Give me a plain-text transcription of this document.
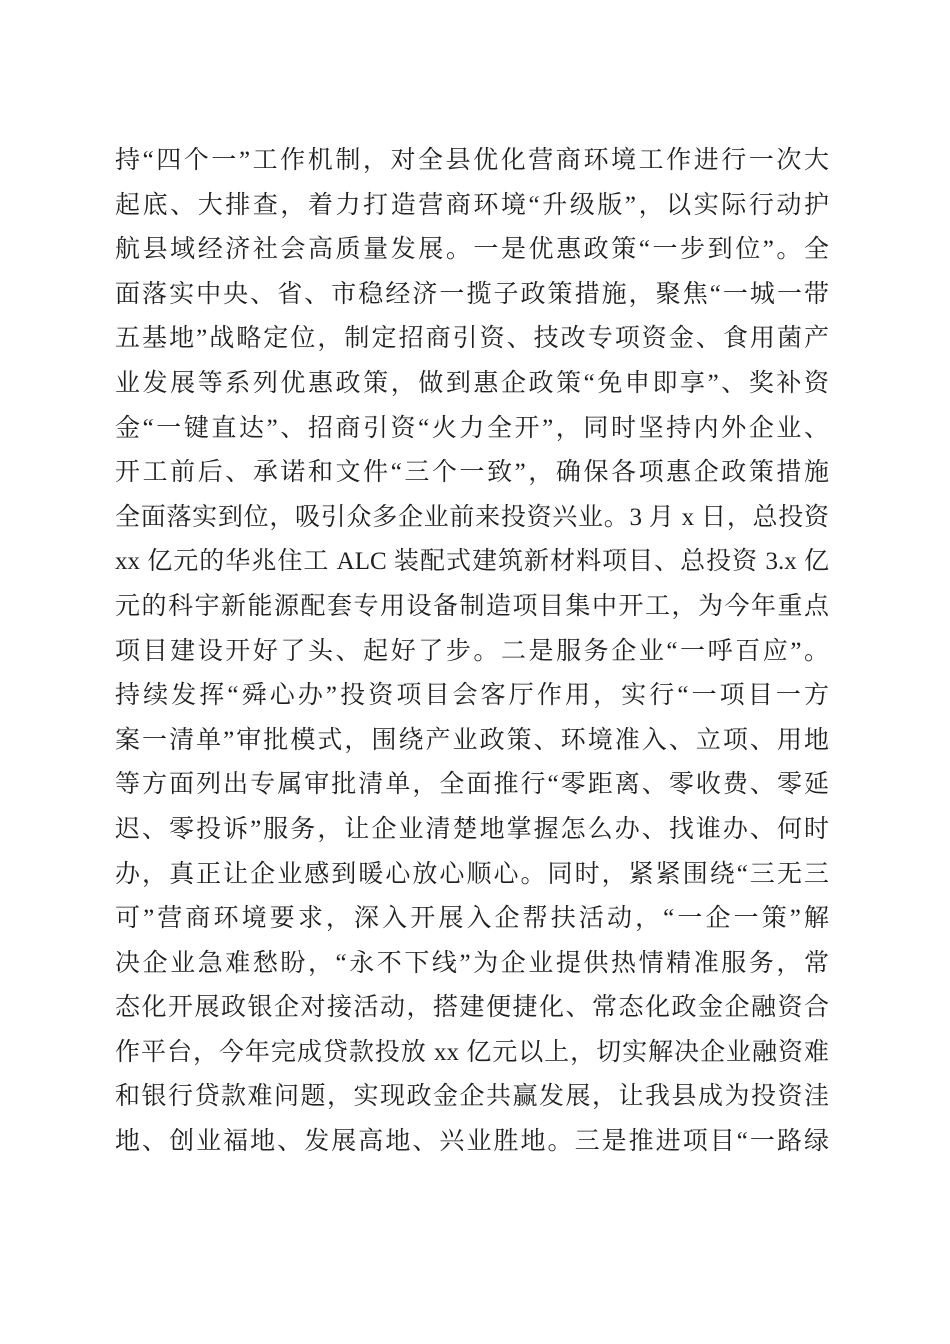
持“四个一”工作机制，对全县优化营商环境工作进行一次大
起底、大排查，着力打造营商环境“升级版”，以实际行动护
航县域经济社会高质量发展。一是优惠政策“一步到位”。全
面落实中央、省、市稳经济一揽子政策措施，聚焦“一城一带
五基地”战略定位，制定招商引资、技改专项资金、食用菌产
业发展等系列优惠政策，做到惠企政策“免申即享”、奖补资
金“一键直达”、招商引资“火力全开”，同时坚持内外企业、
开工前后、承诺和文件“三个一致”，确保各项惠企政策措施
全面落实到位，吸引众多企业前来投资兴业。3 月 x 日，总投资
xx 亿元的华兆住工 ALC 装配式建筑新材料项目、总投资 3.x 亿
元的科宇新能源配套专用设备制造项目集中开工，为今年重点
项目建设开好了头、起好了步。二是服务企业“一呼百应”。
持续发挥“舜心办”投资项目会客厅作用，实行“一项目一方
案一清单”审批模式，围绕产业政策、环境准入、立项、用地
等方面列出专属审批清单，全面推行“零距离、零收费、零延
迟、零投诉”服务，让企业清楚地掌握怎么办、找谁办、何时
办，真正让企业感到暖心放心顺心。同时，紧紧围绕“三无三
可”营商环境要求，深入开展入企帮扶活动，“一企一策”解
决企业急难愁盼，“永不下线”为企业提供热情精准服务，常
态化开展政银企对接活动，搭建便捷化、常态化政金企融资合
作平台，今年完成贷款投放 xx 亿元以上，切实解决企业融资难
和银行贷款难问题，实现政金企共赢发展，让我县成为投资洼
地、创业福地、发展高地、兴业胜地。三是推进项目“一路绿
